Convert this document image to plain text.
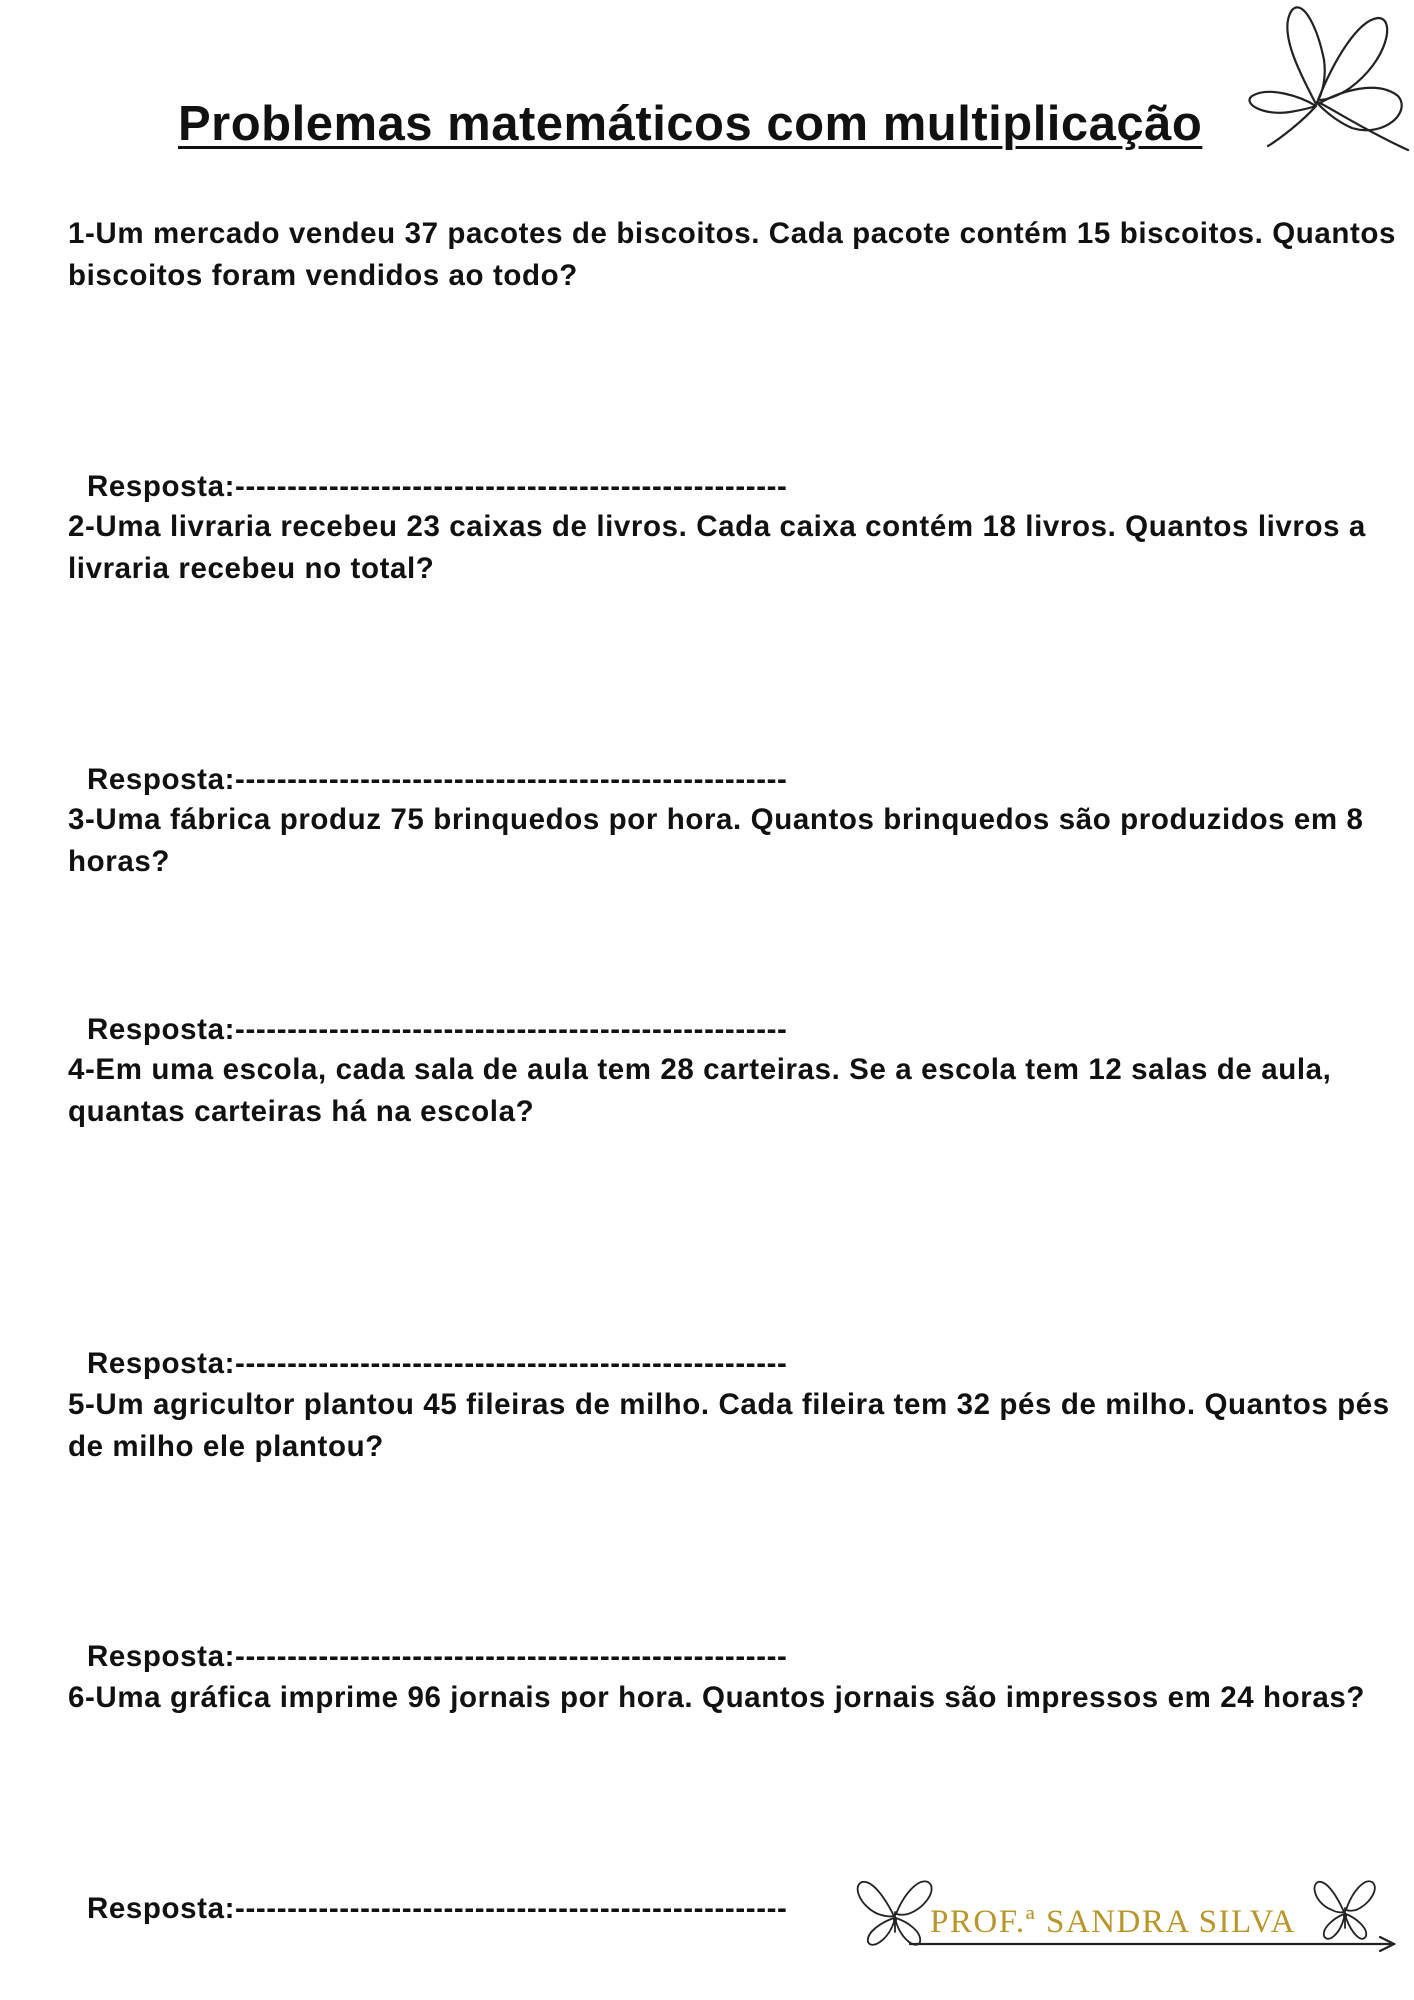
Problemas matemáticos com multiplicação

1-Um mercado vendeu 37 pacotes de biscoitos. Cada pacote contém 15 biscoitos. Quantos biscoitos foram vendidos ao todo?

Resposta:-----------------------------------------------------

2-Uma livraria recebeu 23 caixas de livros. Cada caixa contém 18 livros. Quantos livros a livraria recebeu no total?

Resposta:-----------------------------------------------------

3-Uma fábrica produz 75 brinquedos por hora. Quantos brinquedos são produzidos em 8 horas?

Resposta:-----------------------------------------------------

4-Em uma escola, cada sala de aula tem 28 carteiras. Se a escola tem 12 salas de aula, quantas carteiras há na escola?

Resposta:-----------------------------------------------------

5-Um agricultor plantou 45 fileiras de milho. Cada fileira tem 32 pés de milho. Quantos pés de milho ele plantou?

Resposta:-----------------------------------------------------

6-Uma gráfica imprime 96 jornais por hora. Quantos jornais são impressos em 24 horas?

Resposta:-----------------------------------------------------	PROF.ª SANDRA SILVA
